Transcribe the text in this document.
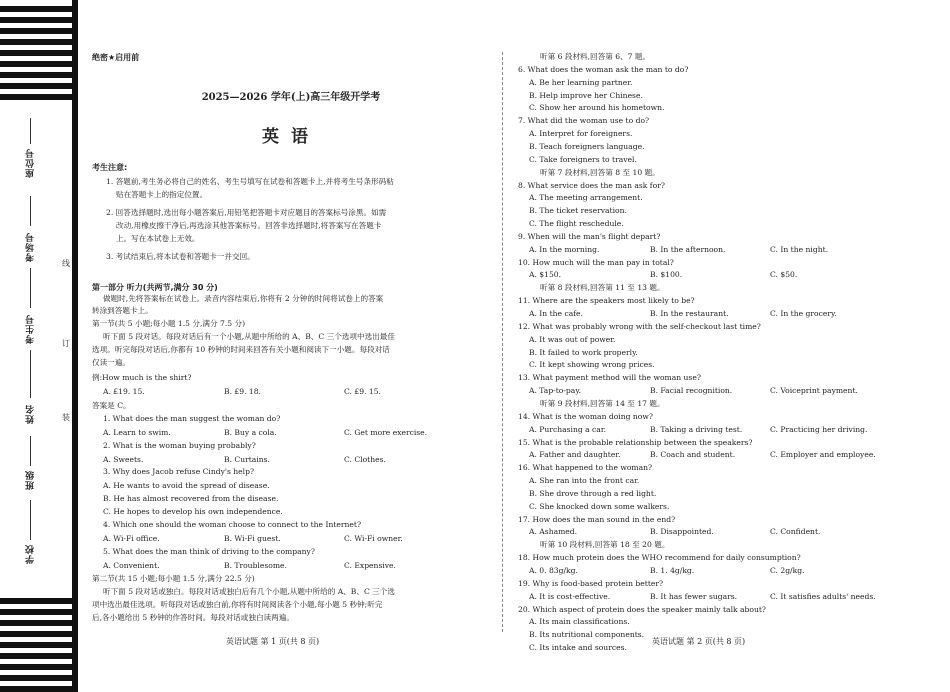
座位号
考场号
考生号
姓名
班级
学校
线
订
装
绝密★启用前
2025—2026 学年(上)高三年级开学考
英语
考生注意:
1. 答题前,考生务必将自己的姓名、考生号填写在试卷和答题卡上,并将考生号条形码粘
贴在答题卡上的指定位置。
2. 回答选择题时,选出每小题答案后,用铅笔把答题卡对应题目的答案标号涂黑。如需
改动,用橡皮擦干净后,再选涂其他答案标号。回答非选择题时,将答案写在答题卡
上。写在本试卷上无效。
3. 考试结束后,将本试卷和答题卡一并交回。
第一部分 听力(共两节,满分 30 分)
做题时,先将答案标在试卷上。录音内容结束后,你将有 2 分钟的时间将试卷上的答案
转涂到答题卡上。
第一节(共 5 小题;每小题 1.5 分,满分 7.5 分)
听下面 5 段对话。每段对话后有一个小题,从题中所给的 A、B、C 三个选项中选出最佳
选项。听完每段对话后,你都有 10 秒钟的时间来回答有关小题和阅读下一小题。每段对话
仅读一遍。
例:How much is the shirt?
A. £19. 15.	B. £9. 18.	C. £9. 15.
答案是 C。
1. What does the man suggest the woman do?
A. Learn to swim.	B. Buy a cola.	C. Get more exercise.
2. What is the woman buying probably?
A. Sweets.	B. Curtains.	C. Clothes.
3. Why does Jacob refuse Cindy's help?
A. He wants to avoid the spread of disease.
B. He has almost recovered from the disease.
C. He hopes to develop his own independence.
4. Which one should the woman choose to connect to the Internet?
A. Wi-Fi office.	B. Wi-Fi guest.	C. Wi-Fi owner.
5. What does the man think of driving to the company?
A. Convenient.	B. Troublesome.	C. Expensive.
第二节(共 15 小题;每小题 1.5 分,满分 22.5 分)
听下面 5 段对话或独白。每段对话或独白后有几个小题,从题中所给的 A、B、C 三个选
项中选出最佳选项。听每段对话或独白前,你将有时间阅读各个小题,每小题 5 秒钟;听完
后,各小题给出 5 秒钟的作答时间。每段对话或独白读两遍。
英语试题 第 1 页(共 8 页)
听第 6 段材料,回答第 6、7 题。
6. What does the woman ask the man to do?
A. Be her learning partner.
B. Help improve her Chinese.
C. Show her around his hometown.
7. What did the woman use to do?
A. Interpret for foreigners.
B. Teach foreigners language.
C. Take foreigners to travel.
听第 7 段材料,回答第 8 至 10 题。
8. What service does the man ask for?
A. The meeting arrangement.
B. The ticket reservation.
C. The flight reschedule.
9. When will the man's flight depart?
A. In the morning.	B. In the afternoon.	C. In the night.
10. How much will the man pay in total?
A. $150.	B. $100.	C. $50.
听第 8 段材料,回答第 11 至 13 题。
11. Where are the speakers most likely to be?
A. In the cafe.	B. In the restaurant.	C. In the grocery.
12. What was probably wrong with the self-checkout last time?
A. It was out of power.
B. It failed to work properly.
C. It kept showing wrong prices.
13. What payment method will the woman use?
A. Tap-to-pay.	B. Facial recognition.	C. Voiceprint payment.
听第 9 段材料,回答第 14 至 17 题。
14. What is the woman doing now?
A. Purchasing a car.	B. Taking a driving test.	C. Practicing her driving.
15. What is the probable relationship between the speakers?
A. Father and daughter.	B. Coach and student.	C. Employer and employee.
16. What happened to the woman?
A. She ran into the front car.
B. She drove through a red light.
C. She knocked down some walkers.
17. How does the man sound in the end?
A. Ashamed.	B. Disappointed.	C. Confident.
听第 10 段材料,回答第 18 至 20 题。
18. How much protein does the WHO recommend for daily consumption?
A. 0. 83g/kg.	B. 1. 4g/kg.	C. 2g/kg.
19. Why is food-based protein better?
A. It is cost-effective.	B. It has fewer sugars.	C. It satisfies adults' needs.
20. Which aspect of protein does the speaker mainly talk about?
A. Its main classifications.
B. Its nutritional components.
C. Its intake and sources.
英语试题 第 2 页(共 8 页)
